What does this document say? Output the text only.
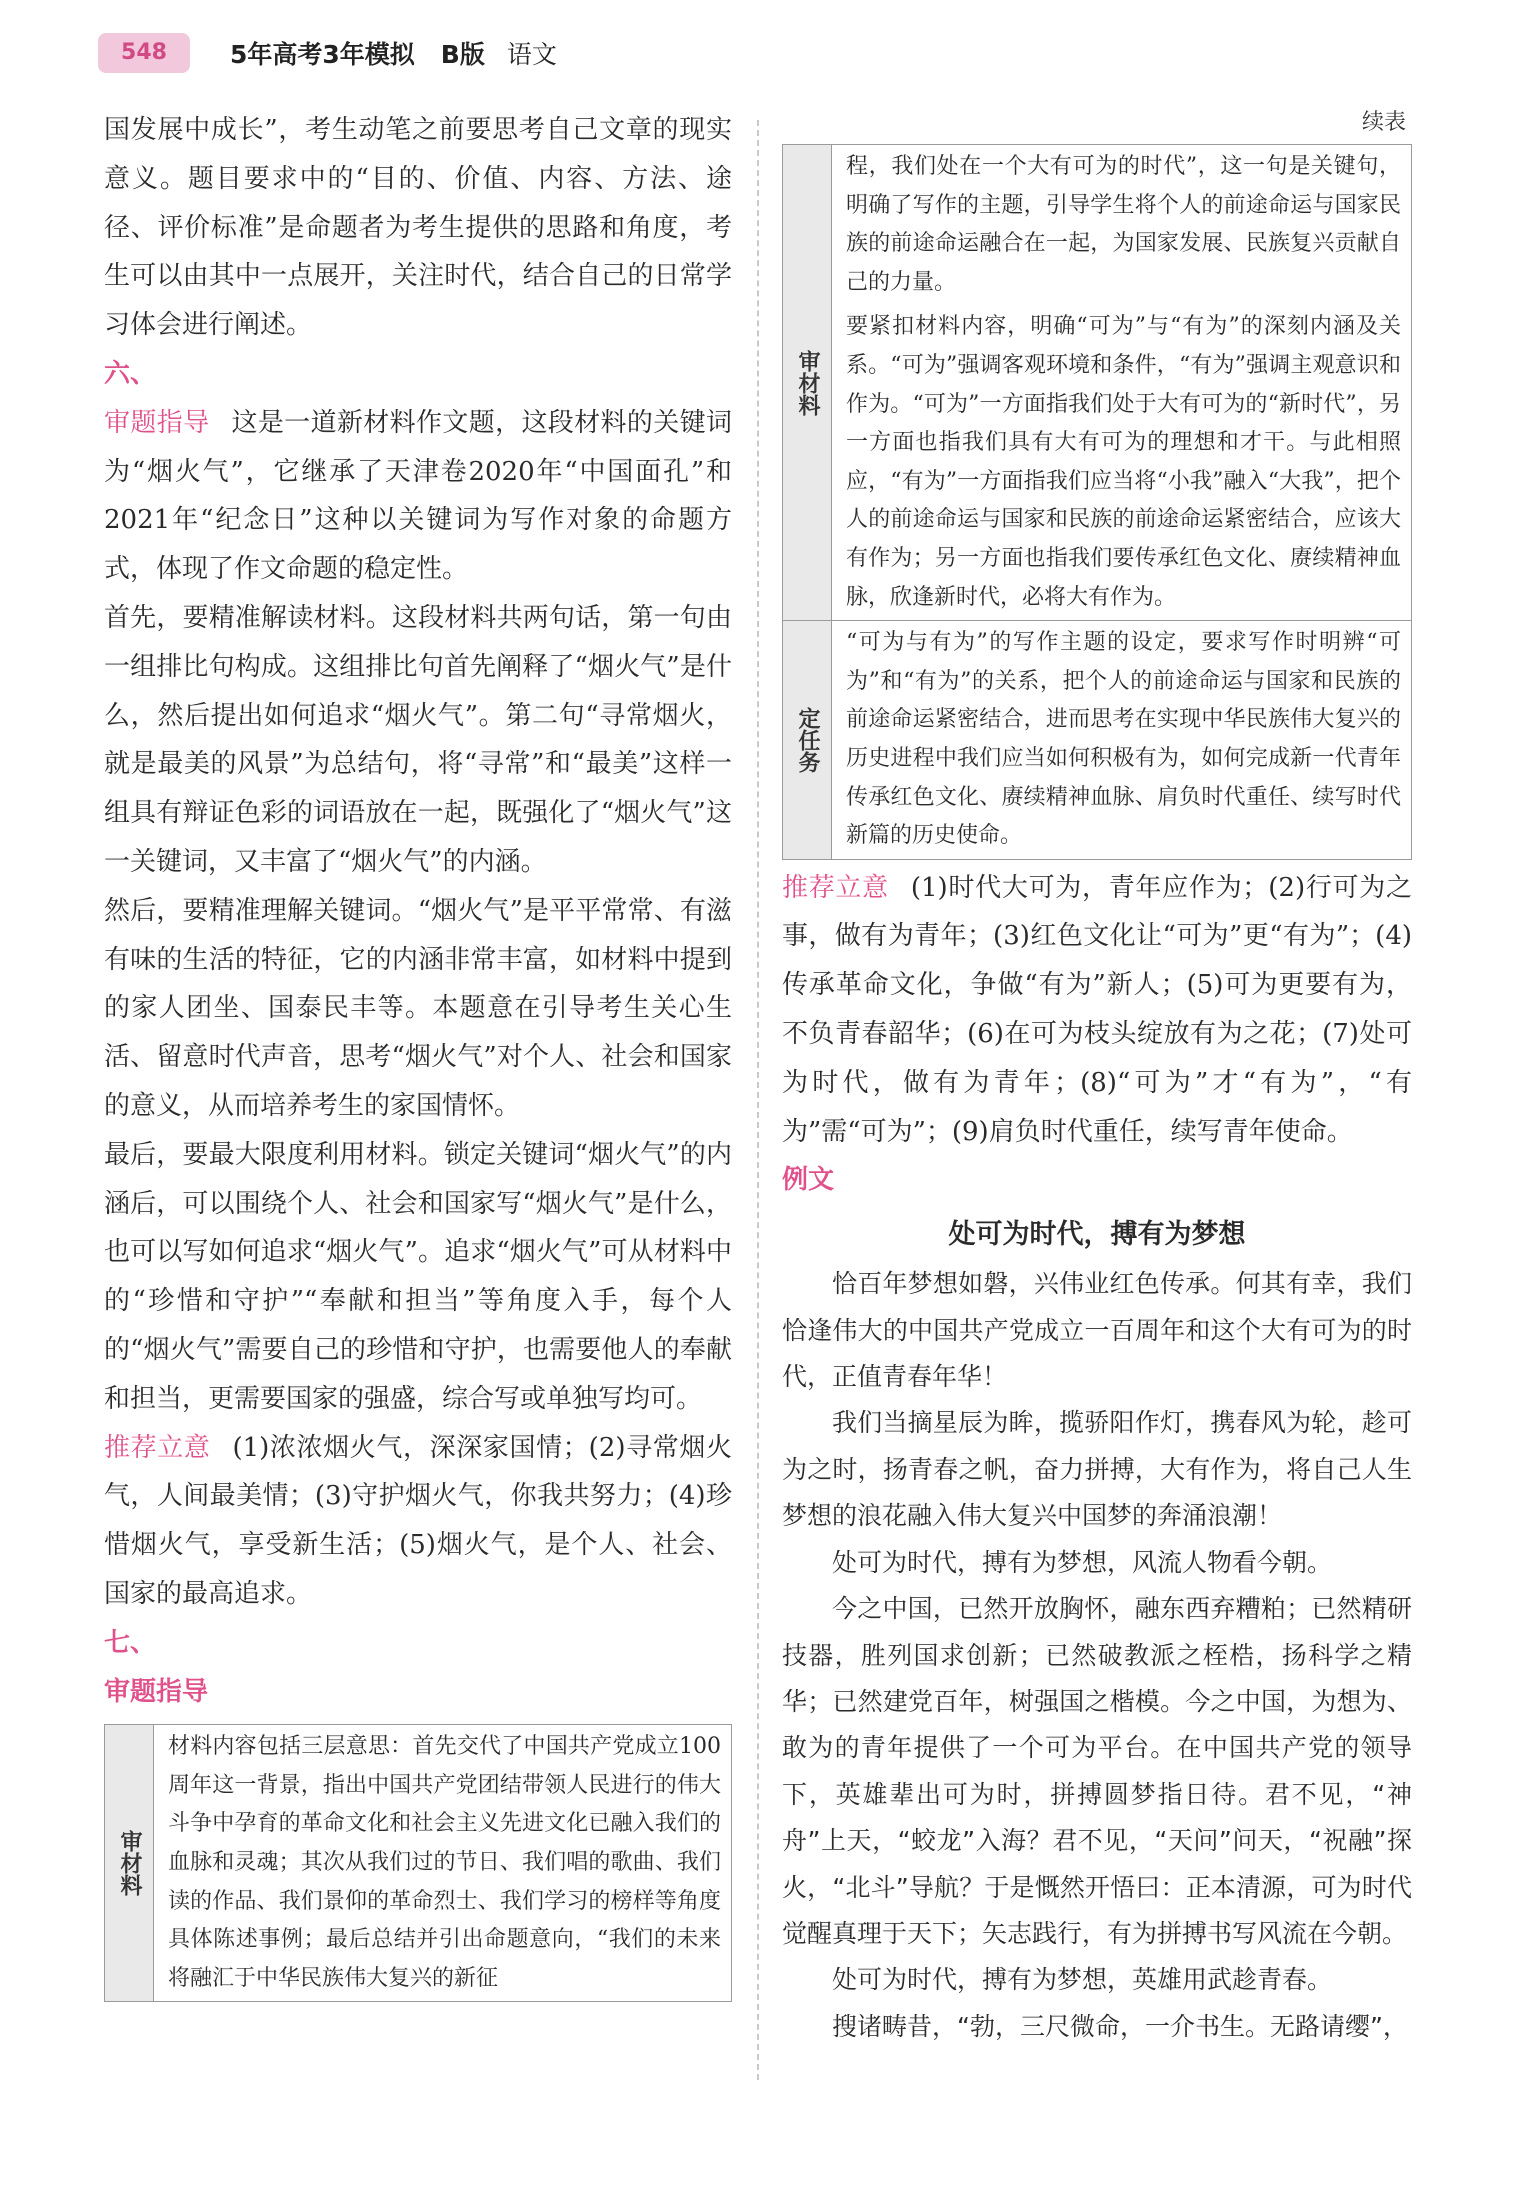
548	5年高考3年模拟 B版 语文

国发展中成长”，考生动笔之前要思考自己文章的现实意义。题目要求中的“目的、价值、内容、方法、途径、评价标准”是命题者为考生提供的思路和角度，考生可以由其中一点展开，关注时代，结合自己的日常学习体会进行阐述。

六、

审题指导 这是一道新材料作文题，这段材料的关键词为“烟火气”，它继承了天津卷2020年“中国面孔”和2021年“纪念日”这种以关键词为写作对象的命题方式，体现了作文命题的稳定性。

首先，要精准解读材料。这段材料共两句话，第一句由一组排比句构成。这组排比句首先阐释了“烟火气”是什么，然后提出如何追求“烟火气”。第二句“寻常烟火，就是最美的风景”为总结句，将“寻常”和“最美”这样一组具有辩证色彩的词语放在一起，既强化了“烟火气”这一关键词，又丰富了“烟火气”的内涵。

然后，要精准理解关键词。“烟火气”是平平常常、有滋有味的生活的特征，它的内涵非常丰富，如材料中提到的家人团坐、国泰民丰等。本题意在引导考生关心生活、留意时代声音，思考“烟火气”对个人、社会和国家的意义，从而培养考生的家国情怀。

最后，要最大限度利用材料。锁定关键词“烟火气”的内涵后，可以围绕个人、社会和国家写“烟火气”是什么，也可以写如何追求“烟火气”。追求“烟火气”可从材料中的“珍惜和守护”“奉献和担当”等角度入手，每个人的“烟火气”需要自己的珍惜和守护，也需要他人的奉献和担当，更需要国家的强盛，综合写或单独写均可。

推荐立意 (1)浓浓烟火气，深深家国情；(2)寻常烟火气，人间最美情；(3)守护烟火气，你我共努力；(4)珍惜烟火气，享受新生活；(5)烟火气，是个人、社会、国家的最高追求。

七、
审题指导
审材料

材料内容包括三层意思：首先交代了中国共产党成立100周年这一背景，指出中国共产党团结带领人民进行的伟大斗争中孕育的革命文化和社会主义先进文化已融入我们的血脉和灵魂；其次从我们过的节日、我们唱的歌曲、我们读的作品、我们景仰的革命烈士、我们学习的榜样等角度具体陈述事例；最后总结并引出命题意向，“我们的未来将融汇于中华民族伟大复兴的新征

续表
审材料	程，我们处在一个大有可为的时代”，这一句是关键句，明确了写作的主题，引导学生将个人的前途命运与国家民族的前途命运融合在一起，为国家发展、民族复兴贡献自己的力量。

要紧扣材料内容，明确“可为”与“有为”的深刻内涵及关系。“可为”强调客观环境和条件，“有为”强调主观意识和作为。“可为”一方面指我们处于大有可为的“新时代”，另一方面也指我们具有大有可为的理想和才干。与此相照应，“有为”一方面指我们应当将“小我”融入“大我”，把个人的前途命运与国家和民族的前途命运紧密结合，应该大有作为；另一方面也指我们要传承红色文化、赓续精神血脉，欣逢新时代，必将大有作为。

定任务	“可为与有为”的写作主题的设定，要求写作时明辨“可为”和“有为”的关系，把个人的前途命运与国家和民族的前途命运紧密结合，进而思考在实现中华民族伟大复兴的历史进程中我们应当如何积极有为，如何完成新一代青年传承红色文化、赓续精神血脉、肩负时代重任、续写时代新篇的历史使命。

推荐立意 (1)时代大可为，青年应作为；(2)行可为之事，做有为青年；(3)红色文化让“可为”更“有为”；(4)传承革命文化，争做“有为”新人；(5)可为更要有为，不负青春韶华；(6)在可为枝头绽放有为之花；(7)处可为时代，做有为青年；(8)“可为”才“有为”，“有为”需“可为”；(9)肩负时代重任，续写青年使命。

例文
处可为时代，搏有为梦想

恰百年梦想如磐，兴伟业红色传承。何其有幸，我们恰逢伟大的中国共产党成立一百周年和这个大有可为的时代，正值青春年华！

我们当摘星辰为眸，揽骄阳作灯，携春风为轮，趁可为之时，扬青春之帆，奋力拼搏，大有作为，将自己人生梦想的浪花融入伟大复兴中国梦的奔涌浪潮！

处可为时代，搏有为梦想，风流人物看今朝。

今之中国，已然开放胸怀，融东西弃糟粕；已然精研技器，胜列国求创新；已然破教派之桎梏，扬科学之精华；已然建党百年，树强国之楷模。今之中国，为想为、敢为的青年提供了一个可为平台。在中国共产党的领导下，英雄辈出可为时，拼搏圆梦指日待。君不见，“神舟”上天，“蛟龙”入海？君不见，“天问”问天，“祝融”探火，“北斗”导航？于是慨然开悟曰：正本清源，可为时代觉醒真理于天下；矢志践行，有为拼搏书写风流在今朝。

处可为时代，搏有为梦想，英雄用武趁青春。

搜诸畴昔，“勃，三尺微命，一介书生。无路请缨”，
